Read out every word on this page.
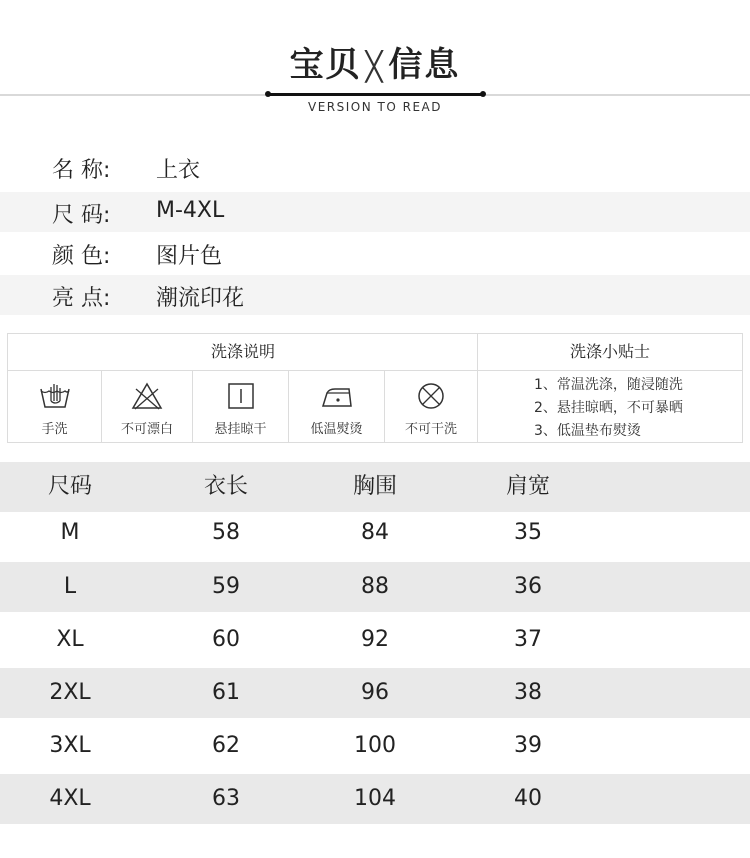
宝贝 ╳ 信息
VERSION TO READ
名 称:	上衣
尺 码:	M-4XL
颜 色:	图片色
亮 点:	潮流印花
洗涤说明	洗涤小贴士
手洗	不可漂白	悬挂晾干	低温熨烫	不可干洗
1、常温洗涤，随浸随洗
2、悬挂晾晒，不可暴晒
3、低温垫布熨烫
尺码	衣长	胸围	肩宽
M	58	84	35
L	59	88	36
XL	60	92	37
2XL	61	96	38
3XL	62	100	39
4XL	63	104	40
